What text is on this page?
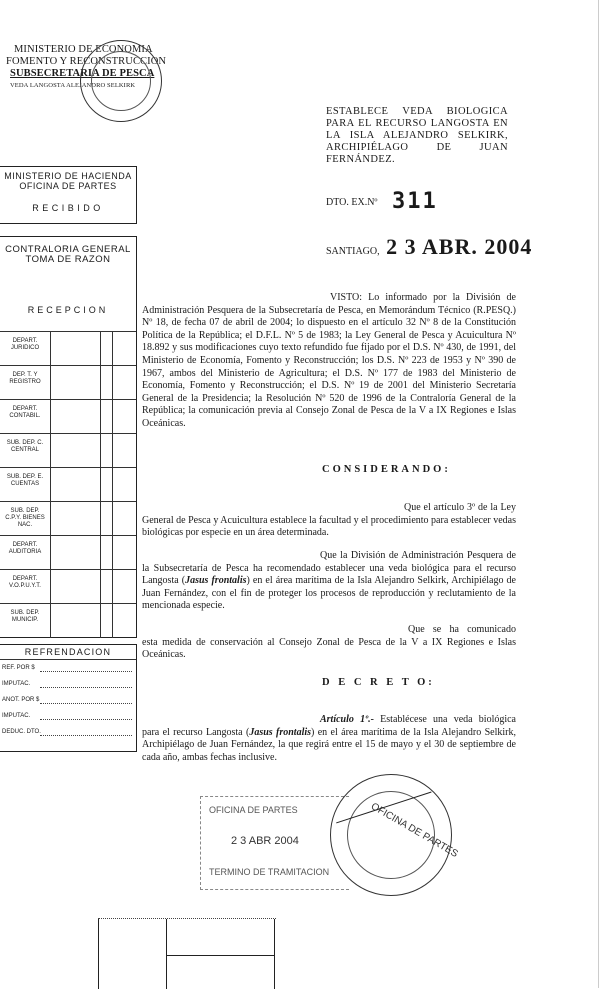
MINISTERIO DE ECONOMIA
FOMENTO Y RECONSTRUCCION
SUBSECRETARIA DE PESCA
VEDA LANGOSTA ALEJANDRO SELKIRK
ESTABLECE VEDA BIOLOGICA PARA EL RECURSO LANGOSTA EN LA ISLA ALEJANDRO SELKIRK, ARCHIPIÉLAGO DE JUAN FERNÁNDEZ.
DTO. EX.Nº 311
SANTIAGO, 2 3 ABR. 2004
MINISTERIO DE HACIENDA
OFICINA DE PARTES
RECIBIDO
CONTRALORIA GENERAL
TOMA DE RAZON
RECEPCION
DEPART. JURIDICO
DEP. T. Y REGISTRO
DEPART. CONTABIL.
SUB. DEP. C. CENTRAL
SUB. DEP. E. CUENTAS
SUB. DEP. C.P.Y. BIENES NAC.
DEPART. AUDITORIA
DEPART. V.O.P.U.Y.T.
SUB. DEP. MUNICIP.
REFRENDACION
REF. POR $
IMPUTAC.
ANOT. POR $
IMPUTAC.
DEDUC. DTO.
VISTO: Lo informado por la División de Administración Pesquera de la Subsecretaría de Pesca, en Memorándum Técnico (R.PESQ.) Nº 18, de fecha 07 de abril de 2004; lo dispuesto en el artículo 32 Nº 8 de la Constitución Política de la República; el D.F.L. Nº 5 de 1983; la Ley General de Pesca y Acuicultura Nº 18.892 y sus modificaciones cuyo texto refundido fue fijado por el D.S. Nº 430, de 1991, del Ministerio de Economía, Fomento y Reconstrucción; los D.S. Nº 223 de 1953 y Nº 390 de 1967, ambos del Ministerio de Agricultura; el D.S. Nº 177 de 1983 del Ministerio de Economía, Fomento y Reconstrucción; el D.S. Nº 19 de 2001 del Ministerio Secretaría General de la Presidencia; la Resolución Nº 520 de 1996 de la Contraloría General de la República; la comunicación previa al Consejo Zonal de Pesca de la V a IX Regiones e Islas Oceánicas.
CONSIDERANDO:
Que el artículo 3º de la Ley General de Pesca y Acuicultura establece la facultad y el procedimiento para establecer vedas biológicas por especie en un área determinada.
Que la División de Administración Pesquera de la Subsecretaría de Pesca ha recomendado establecer una veda biológica para el recurso Langosta (Jasus frontalis) en el área marítima de la Isla Alejandro Selkirk, Archipiélago de Juan Fernández, con el fin de proteger los procesos de reproducción y reclutamiento de la mencionada especie.
Que se ha comunicado esta medida de conservación al Consejo Zonal de Pesca de la V a IX Regiones e Islas Oceánicas.
D E C R E T O:
Artículo 1º.- Establécese una veda biológica para el recurso Langosta (Jasus frontalis) en el área marítima de la Isla Alejandro Selkirk, Archipiélago de Juan Fernández, la que regirá entre el 15 de mayo y el 30 de septiembre de cada año, ambas fechas inclusive.
OFICINA DE PARTES
2 3 ABR 2004
TERMINO DE TRAMITACION
OFICINA DE PARTES
